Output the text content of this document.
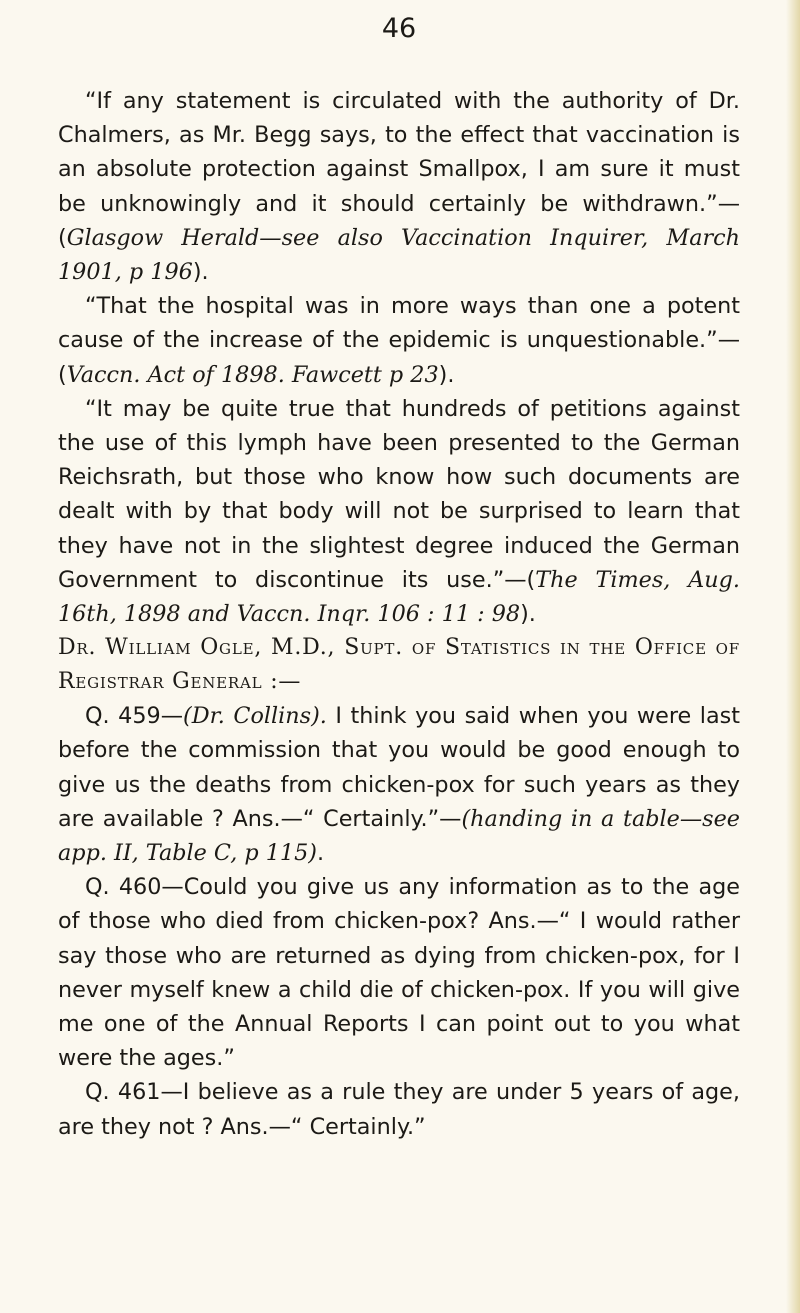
46

“If any statement is circulated with the authority of Dr. Chalmers, as Mr. Begg says, to the effect that vaccination is an absolute protection against Smallpox, I am sure it must be unknowingly and it should certainly be withdrawn.”—(Glasgow Herald—see also Vaccination Inquirer, March 1901, p 196).

“That the hospital was in more ways than one a potent cause of the increase of the epidemic is unquestionable.”—(Vaccn. Act of 1898. Fawcett p 23).

“It may be quite true that hundreds of petitions against the use of this lymph have been presented to the German Reichsrath, but those who know how such documents are dealt with by that body will not be surprised to learn that they have not in the slightest degree induced the German Government to discontinue its use.”—(The Times, Aug. 16th, 1898 and Vaccn. Inqr. 106 : 11 : 98).

Dr. William Ogle, M.D., Supt. of Statistics in the Office of Registrar General :—

Q. 459—(Dr. Collins). I think you said when you were last before the commission that you would be good enough to give us the deaths from chicken-pox for such years as they are available ? Ans.—“ Certainly.”—(handing in a table—see app. II, Table C, p 115).

Q. 460—Could you give us any information as to the age of those who died from chicken-pox? Ans.—“ I would rather say those who are returned as dying from chicken-pox, for I never myself knew a child die of chicken-pox. If you will give me one of the Annual Reports I can point out to you what were the ages.”

Q. 461—I believe as a rule they are under 5 years of age, are they not ? Ans.—“ Certainly.”
